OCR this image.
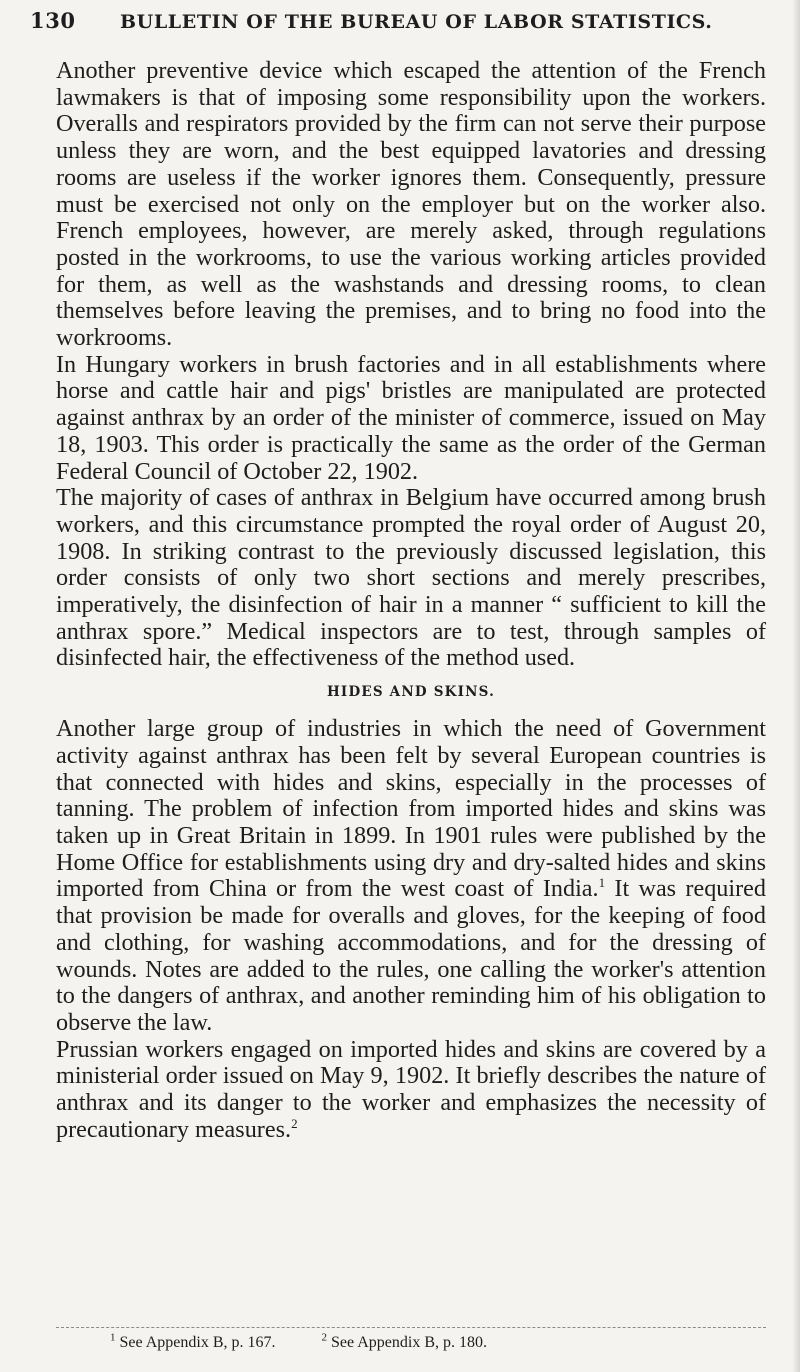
130	BULLETIN OF THE BUREAU OF LABOR STATISTICS.

Another preventive device which escaped the attention of the French lawmakers is that of imposing some responsibility upon the workers. Overalls and respirators provided by the firm can not serve their purpose unless they are worn, and the best equipped lavatories and dressing rooms are useless if the worker ignores them. Consequently, pressure must be exercised not only on the employer but on the worker also. French employees, however, are merely asked, through regulations posted in the workrooms, to use the various working articles provided for them, as well as the washstands and dressing rooms, to clean themselves before leaving the premises, and to bring no food into the workrooms.

In Hungary workers in brush factories and in all establishments where horse and cattle hair and pigs' bristles are manipulated are protected against anthrax by an order of the minister of commerce, issued on May 18, 1903. This order is practically the same as the order of the German Federal Council of October 22, 1902.

The majority of cases of anthrax in Belgium have occurred among brush workers, and this circumstance prompted the royal order of August 20, 1908. In striking contrast to the previously discussed legislation, this order consists of only two short sections and merely prescribes, imperatively, the disinfection of hair in a manner “ sufficient to kill the anthrax spore.” Medical inspectors are to test, through samples of disinfected hair, the effectiveness of the method used.

HIDES AND SKINS.

Another large group of industries in which the need of Government activity against anthrax has been felt by several European countries is that connected with hides and skins, especially in the processes of tanning. The problem of infection from imported hides and skins was taken up in Great Britain in 1899. In 1901 rules were published by the Home Office for establishments using dry and dry-salted hides and skins imported from China or from the west coast of India.$^1$ It was required that provision be made for overalls and gloves, for the keeping of food and clothing, for washing accommodations, and for the dressing of wounds. Notes are added to the rules, one calling the worker's attention to the dangers of anthrax, and another reminding him of his obligation to observe the law.

Prussian workers engaged on imported hides and skins are covered by a ministerial order issued on May 9, 1902. It briefly describes the nature of anthrax and its danger to the worker and emphasizes the necessity of precautionary measures.$^2$

$^1$ See Appendix B, p. 167.	$^2$ See Appendix B, p. 180.
